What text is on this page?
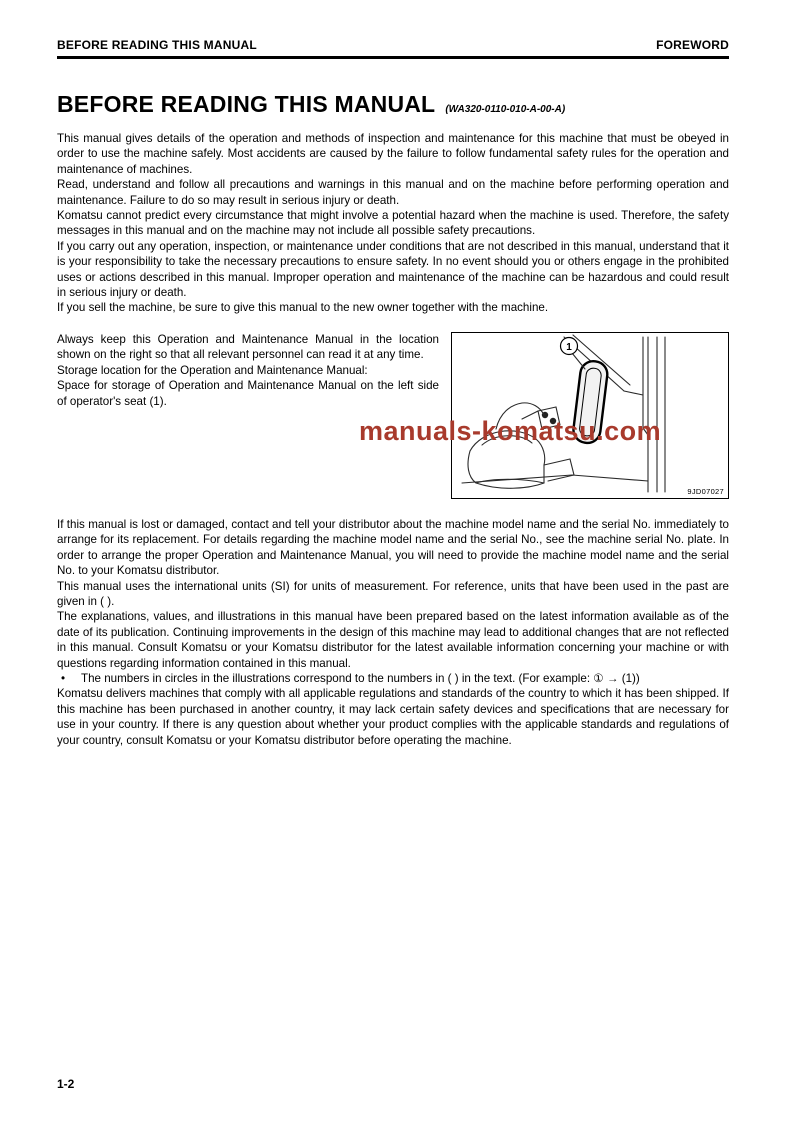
BEFORE READING THIS MANUAL	FOREWORD
BEFORE READING THIS MANUAL (WA320-0110-010-A-00-A)

This manual gives details of the operation and methods of inspection and maintenance for this machine that must be obeyed in order to use the machine safely. Most accidents are caused by the failure to follow fundamental safety rules for the operation and maintenance of machines.

Read, understand and follow all precautions and warnings in this manual and on the machine before performing operation and maintenance. Failure to do so may result in serious injury or death.

Komatsu cannot predict every circumstance that might involve a potential hazard when the machine is used. Therefore, the safety messages in this manual and on the machine may not include all possible safety precautions.

If you carry out any operation, inspection, or maintenance under conditions that are not described in this manual, understand that it is your responsibility to take the necessary precautions to ensure safety. In no event should you or others engage in the prohibited uses or actions described in this manual. Improper operation and maintenance of the machine can be hazardous and could result in serious injury or death.

If you sell the machine, be sure to give this manual to the new owner together with the machine.

Always keep this Operation and Maintenance Manual in the location shown on the right so that all relevant personnel can read it at any time.

Storage location for the Operation and Maintenance Manual:

Space for storage of Operation and Maintenance Manual on the left side of operator's seat (1).

1
9JD07027
manuals-komatsu.com

If this manual is lost or damaged, contact and tell your distributor about the machine model name and the serial No. immediately to arrange for its replacement. For details regarding the machine model name and the serial No., see the machine serial No. plate. In order to arrange the proper Operation and Maintenance Manual, you will need to provide the machine model name and the serial No. to your Komatsu distributor.

This manual uses the international units (SI) for units of measurement. For reference, units that have been used in the past are given in ( ).

The explanations, values, and illustrations in this manual have been prepared based on the latest information available as of the date of its publication. Continuing improvements in the design of this machine may lead to additional changes that are not reflected in this manual. Consult Komatsu or your Komatsu distributor for the latest available information concerning your machine or with questions regarding information contained in this manual.

•	The numbers in circles in the illustrations correspond to the numbers in ( ) in the text. (For example: ① → (1))

Komatsu delivers machines that comply with all applicable regulations and standards of the country to which it has been shipped. If this machine has been purchased in another country, it may lack certain safety devices and specifications that are necessary for use in your country. If there is any question about whether your product complies with the applicable standards and regulations of your country, consult Komatsu or your Komatsu distributor before operating the machine.

1-2
